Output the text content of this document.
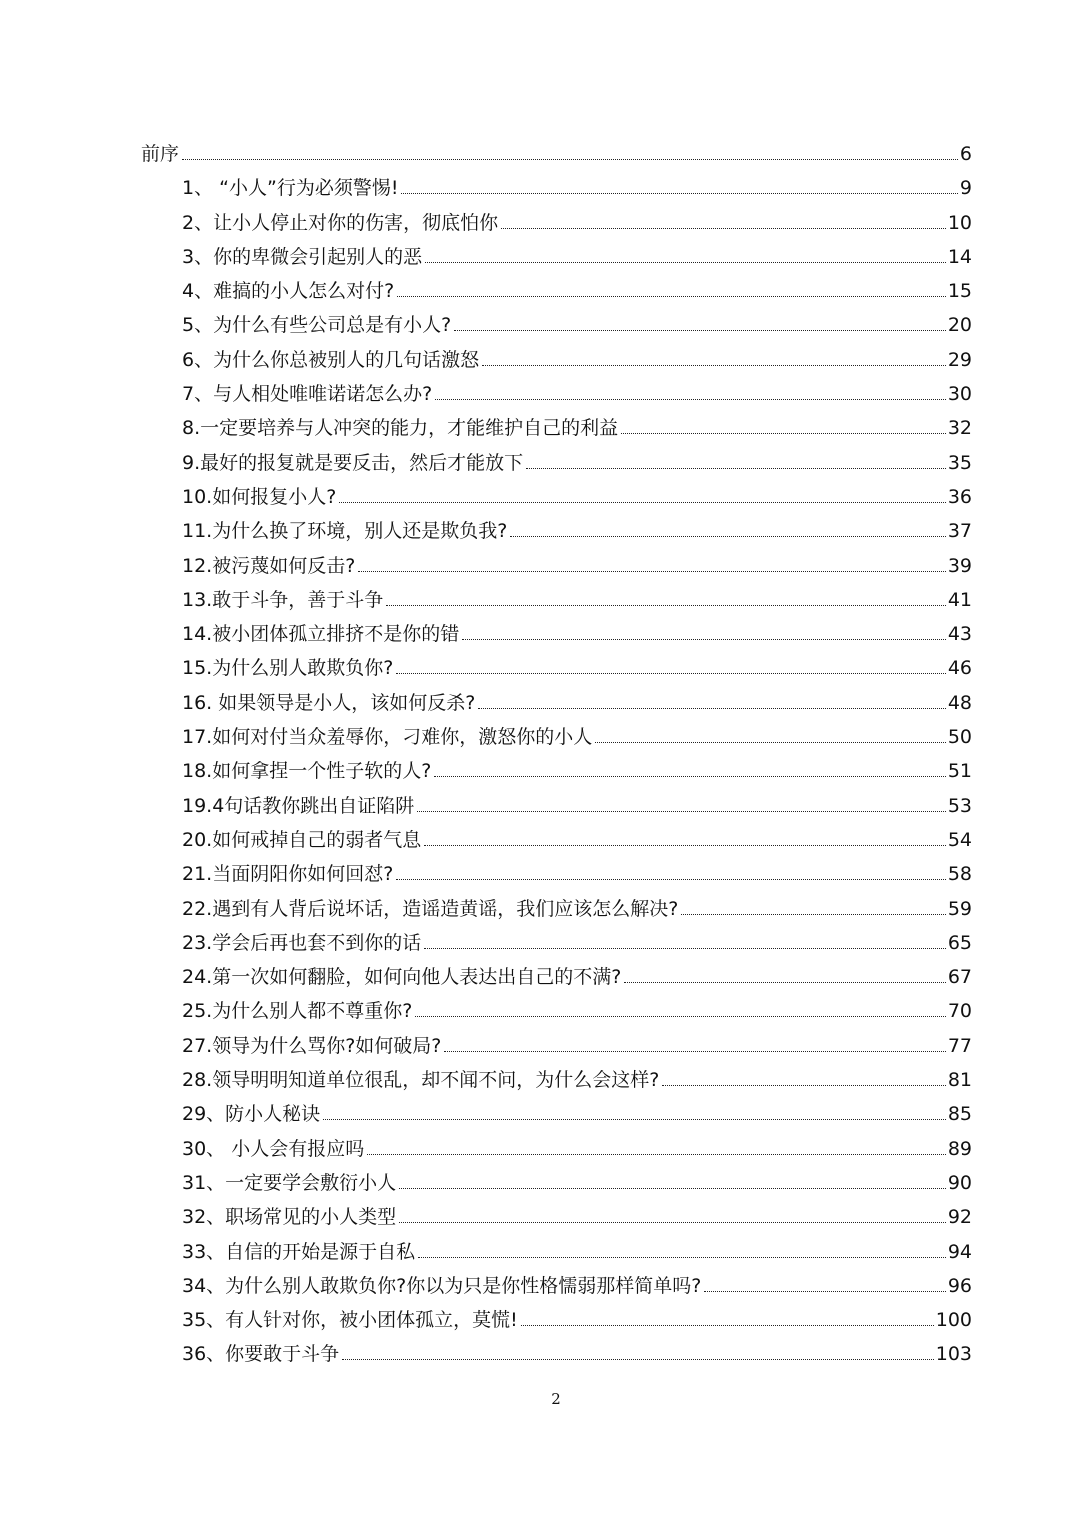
前序	6
1、 “小人”行为必须警惕!	9
2、让小人停止对你的伤害，彻底怕你	10
3、你的卑微会引起别人的恶	14
4、难搞的小人怎么对付?	15
5、为什么有些公司总是有小人?	20
6、为什么你总被别人的几句话激怒	29
7、与人相处唯唯诺诺怎么办?	30
8.一定要培养与人冲突的能力，才能维护自己的利益	32
9.最好的报复就是要反击，然后才能放下	35
10.如何报复小人?	36
11.为什么换了环境，别人还是欺负我?	37
12.被污蔑如何反击?	39
13.敢于斗争，善于斗争	41
14.被小团体孤立排挤不是你的错	43
15.为什么别人敢欺负你?	46
16. 如果领导是小人，该如何反杀?	48
17.如何对付当众羞辱你，刁难你，激怒你的小人	50
18.如何拿捏一个性子软的人?	51
19.4句话教你跳出自证陷阱	53
20.如何戒掉自己的弱者气息	54
21.当面阴阳你如何回怼?	58
22.遇到有人背后说坏话，造谣造黄谣，我们应该怎么解决?	59
23.学会后再也套不到你的话	65
24.第一次如何翻脸，如何向他人表达出自己的不满?	67
25.为什么别人都不尊重你?	70
27.领导为什么骂你?如何破局?	77
28.领导明明知道单位很乱，却不闻不问，为什么会这样?	81
29、防小人秘诀	85
30、 小人会有报应吗	89
31、一定要学会敷衍小人	90
32、职场常见的小人类型	92
33、自信的开始是源于自私	94
34、为什么别人敢欺负你?你以为只是你性格懦弱那样简单吗?	96
35、有人针对你，被小团体孤立，莫慌!	100
36、你要敢于斗争	103
2
